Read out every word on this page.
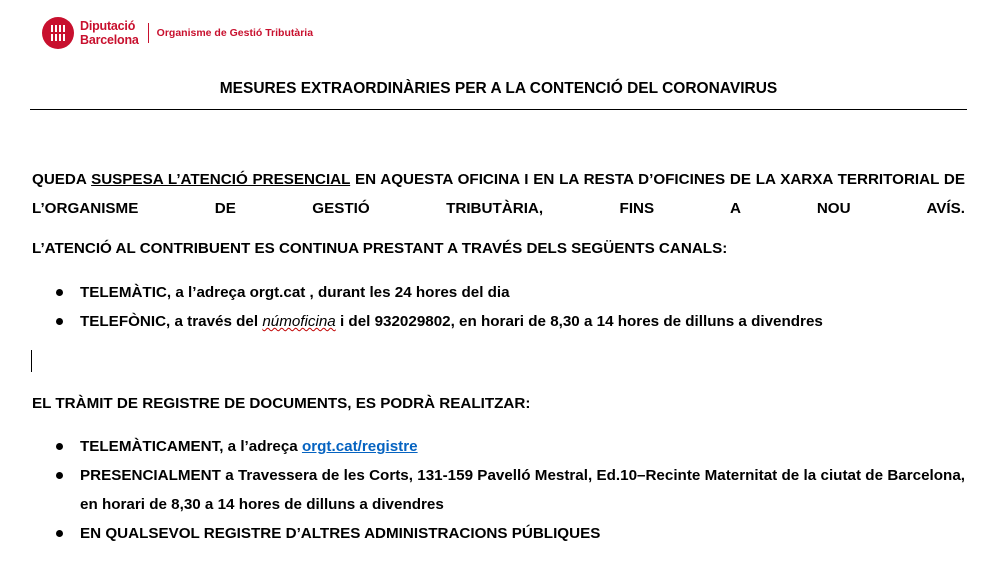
Diputació
Barcelona Organisme de Gestió Tributària
MESURES EXTRAORDINÀRIES PER A LA CONTENCIÓ DEL CORONAVIRUS
QUEDA SUSPESA L’ATENCIÓ PRESENCIAL EN AQUESTA OFICINA I EN LA RESTA D’OFICINES DE LA XARXA TERRITORIAL DE L’ORGANISME DE GESTIÓ TRIBUTÀRIA, FINS A NOU AVÍS.
L’ATENCIÓ AL CONTRIBUENT ES CONTINUA PRESTANT A TRAVÉS DELS SEGÜENTS CANALS:
TELEMÀTIC, a l’adreça orgt.cat , durant les 24 hores del dia
TELEFÒNIC, a través del númoficina i del 932029802, en horari de 8,30 a 14 hores de dilluns a divendres
EL TRÀMIT DE REGISTRE DE DOCUMENTS, ES PODRÀ REALITZAR:
TELEMÀTICAMENT, a l’adreça orgt.cat/registre
PRESENCIALMENT a Travessera de les Corts, 131-159 Pavelló Mestral, Ed.10–Recinte Maternitat de la ciutat de Barcelona, en horari de 8,30 a 14 hores de dilluns a divendres
EN QUALSEVOL REGISTRE D’ALTRES ADMINISTRACIONS PÚBLIQUES
